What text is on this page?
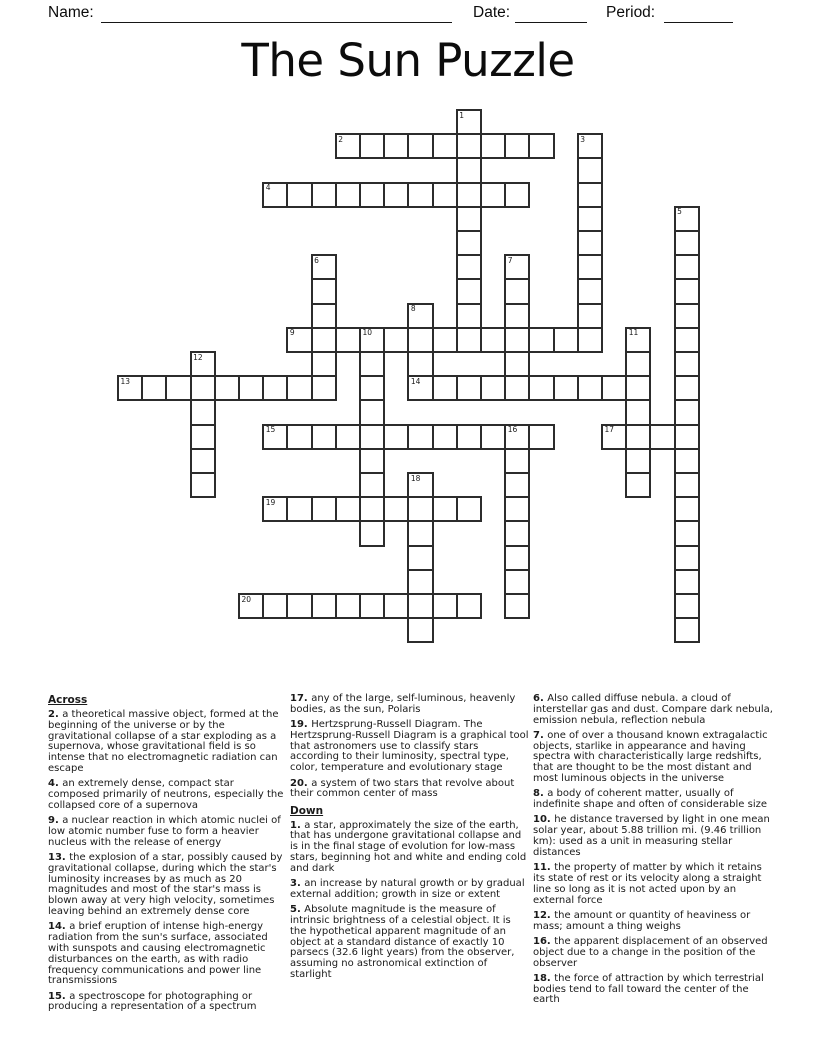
Name:	Date:	Period:
The Sun Puzzle
1
2	3
4
5
6	7
8
9	10	11
12
13	14
15	16	17
18
19
20
Across

2. a theoretical massive object, formed at the beginning of the universe or by the gravitational collapse of a star exploding as a supernova, whose gravitational field is so intense that no electromagnetic radiation can escape

4. an extremely dense, compact star composed primarily of neutrons, especially the collapsed core of a supernova

9. a nuclear reaction in which atomic nuclei of low atomic number fuse to form a heavier nucleus with the release of energy

13. the explosion of a star, possibly caused by gravitational collapse, during which the star's luminosity increases by as much as 20 magnitudes and most of the star's mass is blown away at very high velocity, sometimes leaving behind an extremely dense core

14. a brief eruption of intense high-energy radiation from the sun's surface, associated with sunspots and causing electromagnetic disturbances on the earth, as with radio frequency communications and power line transmissions

15. a spectroscope for photographing or producing a representation of a spectrum

17. any of the large, self-luminous, heavenly bodies, as the sun, Polaris

19. Hertzsprung-Russell Diagram. The Hertzsprung-Russell Diagram is a graphical tool that astronomers use to classify stars according to their luminosity, spectral type, color, temperature and evolutionary stage

20. a system of two stars that revolve about their common center of mass

Down

1. a star, approximately the size of the earth, that has undergone gravitational collapse and is in the final stage of evolution for low-mass stars, beginning hot and white and ending cold and dark

3. an increase by natural growth or by gradual external addition; growth in size or extent

5. Absolute magnitude is the measure of intrinsic brightness of a celestial object. It is the hypothetical apparent magnitude of an object at a standard distance of exactly 10 parsecs (32.6 light years) from the observer, assuming no astronomical extinction of starlight

6. Also called diffuse nebula. a cloud of interstellar gas and dust. Compare dark nebula, emission nebula, reflection nebula

7. one of over a thousand known extragalactic objects, starlike in appearance and having spectra with characteristically large redshifts, that are thought to be the most distant and most luminous objects in the universe

8. a body of coherent matter, usually of indefinite shape and often of considerable size

10. he distance traversed by light in one mean solar year, about 5.88 trillion mi. (9.46 trillion km): used as a unit in measuring stellar distances

11. the property of matter by which it retains its state of rest or its velocity along a straight line so long as it is not acted upon by an external force

12. the amount or quantity of heaviness or mass; amount a thing weighs

16. the apparent displacement of an observed object due to a change in the position of the observer

18. the force of attraction by which terrestrial bodies tend to fall toward the center of the earth
